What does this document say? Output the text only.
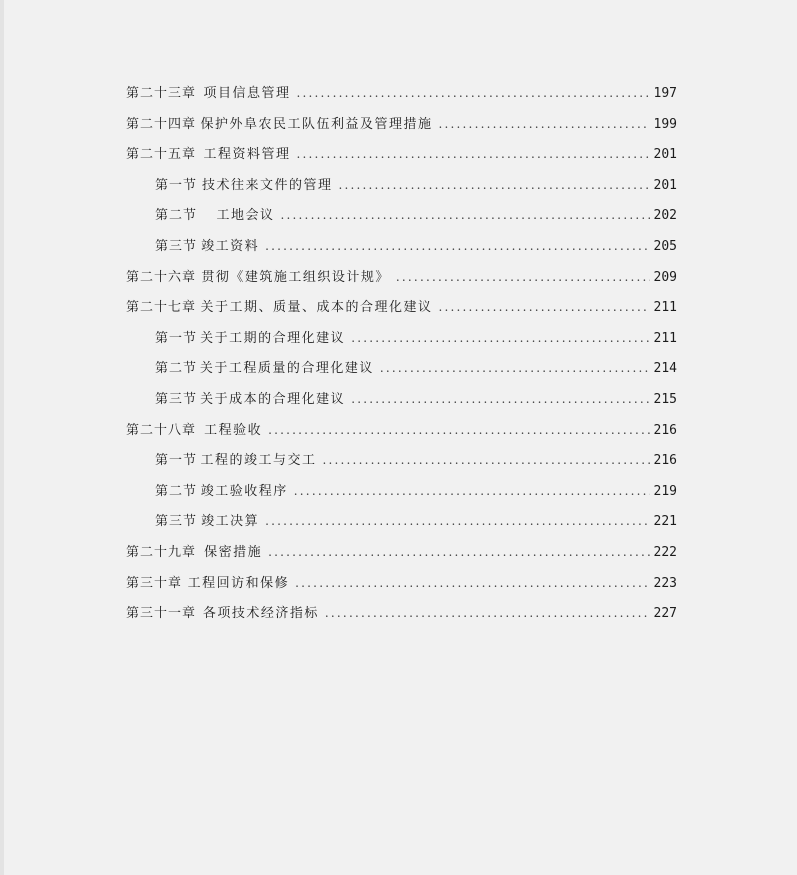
第二十三章 项目信息管理 .....	197
第二十四章 保护外阜农民工队伍利益及管理措施 .....	199
第二十五章 工程资料管理 .....	201
第一节 技术往来文件的管理 .....	201
第二节 工地会议 .....	202
第三节 竣工资料 .....	205
第二十六章 贯彻《建筑施工组织设计规》 .....	209
第二十七章 关于工期、质量、成本的合理化建议 .....	211
第一节 关于工期的合理化建议 .....	211
第二节 关于工程质量的合理化建议 .....	214
第三节 关于成本的合理化建议 .....	215
第二十八章 工程验收 .....	216
第一节 工程的竣工与交工 .....	216
第二节 竣工验收程序 .....	219
第三节 竣工决算 .....	221
第二十九章 保密措施 .....	222
第三十章 工程回访和保修 .....	223
第三十一章 各项技术经济指标 .....	227
